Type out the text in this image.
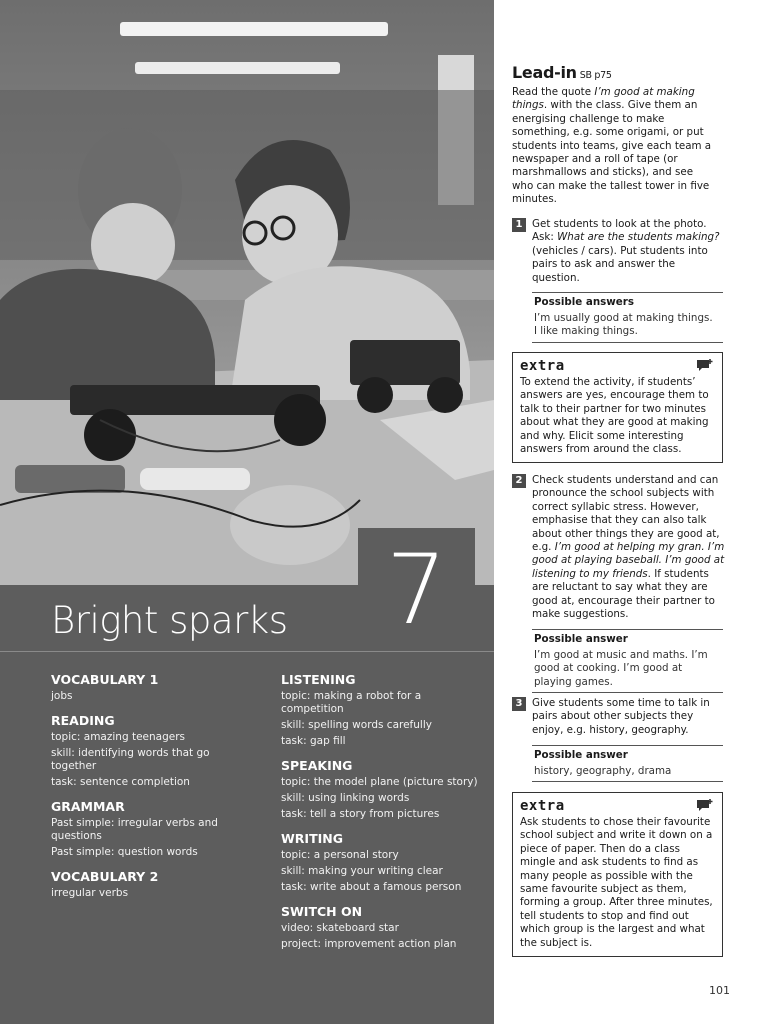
7
Bright sparks
VOCABULARY 1
jobs
READING
topic: amazing teenagers
skill: identifying words that go together
task: sentence completion
GRAMMAR
Past simple: irregular verbs and questions
Past simple: question words
VOCABULARY 2
irregular verbs
LISTENING
topic: making a robot for a competition
skill: spelling words carefully
task: gap fill
SPEAKING
topic: the model plane (picture story)
skill: using linking words
task: tell a story from pictures
WRITING
topic: a personal story
skill: making your writing clear
task: write about a famous person
SWITCH ON
video: skateboard star
project: improvement action plan
Lead-in SB p75
Read the quote I’m good at making things. with the class. Give them an energising challenge to make something, e.g. some origami, or put students into teams, give each team a newspaper and a roll of tape (or marshmallows and sticks), and see who can make the tallest tower in five minutes.
1 Get students to look at the photo. Ask: What are the students making? (vehicles / cars). Put students into pairs to ask and answer the question.
Possible answers
I’m usually good at making things.
I like making things.
extra
To extend the activity, if students’ answers are yes, encourage them to talk to their partner for two minutes about what they are good at making and why. Elicit some interesting answers from around the class.
2 Check students understand and can pronounce the school subjects with correct syllabic stress. However, emphasise that they can also talk about other things they are good at, e.g. I’m good at helping my gran. I’m good at playing baseball. I’m good at listening to my friends. If students are reluctant to say what they are good at, encourage their partner to make suggestions.
Possible answer
I’m good at music and maths. I’m good at cooking. I’m good at playing games.
3 Give students some time to talk in pairs about other subjects they enjoy, e.g. history, geography.
Possible answer
history, geography, drama
extra
Ask students to chose their favourite school subject and write it down on a piece of paper. Then do a class mingle and ask students to find as many people as possible with the same favourite subject as them, forming a group. After three minutes, tell students to stop and find out which group is the largest and what the subject is.
101
